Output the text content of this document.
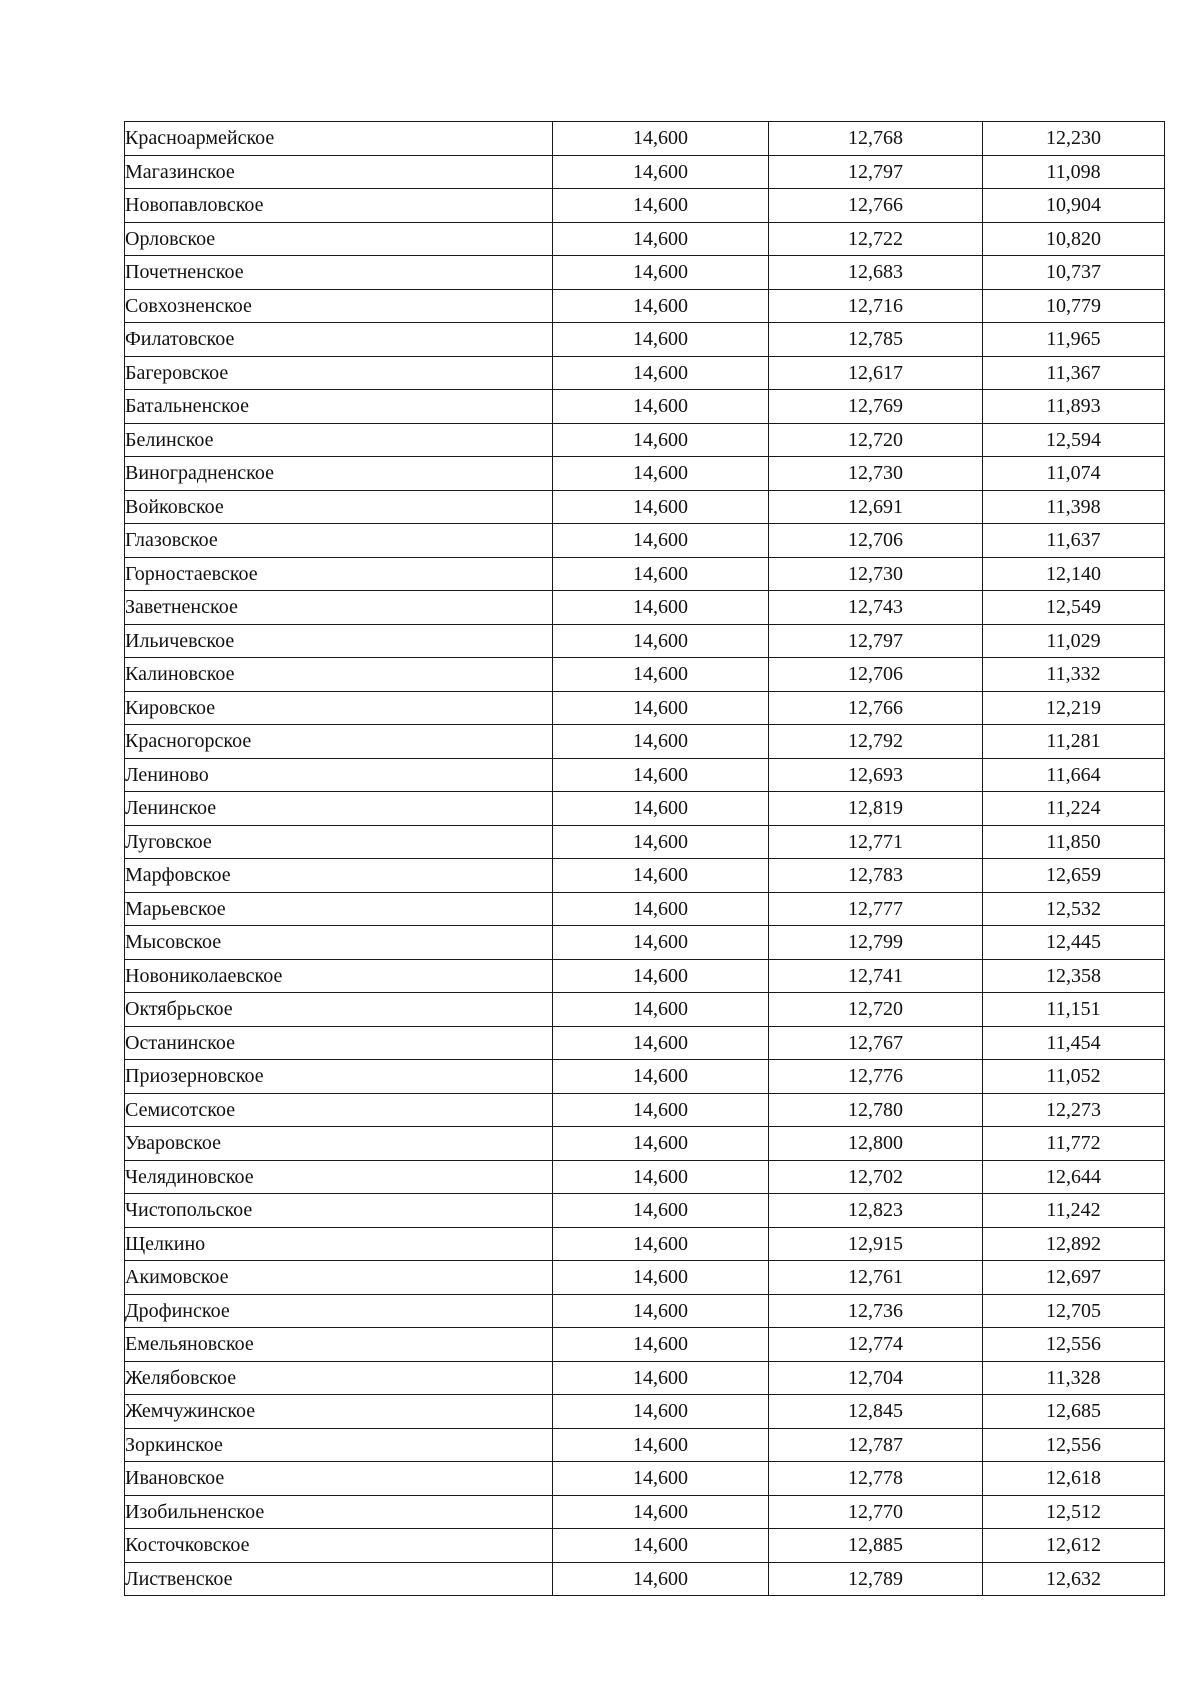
Красноармейское	14,600	12,768	12,230
Магазинское	14,600	12,797	11,098
Новопавловское	14,600	12,766	10,904
Орловское	14,600	12,722	10,820
Почетненское	14,600	12,683	10,737
Совхозненское	14,600	12,716	10,779
Филатовское	14,600	12,785	11,965
Багеровское	14,600	12,617	11,367
Батальненское	14,600	12,769	11,893
Белинское	14,600	12,720	12,594
Виноградненское	14,600	12,730	11,074
Войковское	14,600	12,691	11,398
Глазовское	14,600	12,706	11,637
Горностаевское	14,600	12,730	12,140
Заветненское	14,600	12,743	12,549
Ильичевское	14,600	12,797	11,029
Калиновское	14,600	12,706	11,332
Кировское	14,600	12,766	12,219
Красногорское	14,600	12,792	11,281
Лениново	14,600	12,693	11,664
Ленинское	14,600	12,819	11,224
Луговское	14,600	12,771	11,850
Марфовское	14,600	12,783	12,659
Марьевское	14,600	12,777	12,532
Мысовское	14,600	12,799	12,445
Новониколаевское	14,600	12,741	12,358
Октябрьское	14,600	12,720	11,151
Останинское	14,600	12,767	11,454
Приозерновское	14,600	12,776	11,052
Семисотское	14,600	12,780	12,273
Уваровское	14,600	12,800	11,772
Челядиновское	14,600	12,702	12,644
Чистопольское	14,600	12,823	11,242
Щелкино	14,600	12,915	12,892
Акимовское	14,600	12,761	12,697
Дрофинское	14,600	12,736	12,705
Емельяновское	14,600	12,774	12,556
Желябовское	14,600	12,704	11,328
Жемчужинское	14,600	12,845	12,685
Зоркинское	14,600	12,787	12,556
Ивановское	14,600	12,778	12,618
Изобильненское	14,600	12,770	12,512
Косточковское	14,600	12,885	12,612
Лиственское	14,600	12,789	12,632
